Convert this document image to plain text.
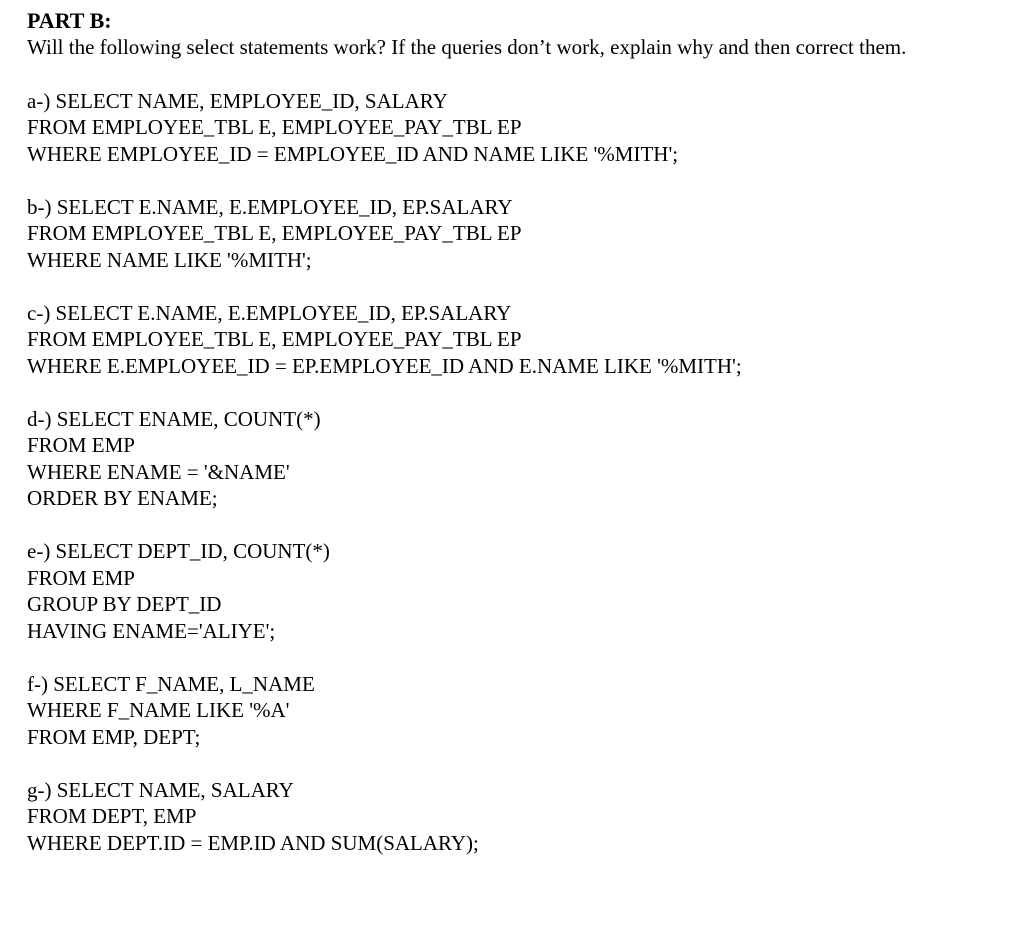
PART B:

Will the following select statements work? If the queries don’t work, explain why and then correct them.

a-) SELECT NAME, EMPLOYEE_ID, SALARY
FROM EMPLOYEE_TBL E, EMPLOYEE_PAY_TBL EP
WHERE EMPLOYEE_ID = EMPLOYEE_ID AND NAME LIKE '%MITH';
b-) SELECT E.NAME, E.EMPLOYEE_ID, EP.SALARY
FROM EMPLOYEE_TBL E, EMPLOYEE_PAY_TBL EP
WHERE NAME LIKE '%MITH';
c-) SELECT E.NAME, E.EMPLOYEE_ID, EP.SALARY
FROM EMPLOYEE_TBL E, EMPLOYEE_PAY_TBL EP
WHERE E.EMPLOYEE_ID = EP.EMPLOYEE_ID AND E.NAME LIKE '%MITH';
d-) SELECT ENAME, COUNT(*)
FROM EMP
WHERE ENAME = '&NAME'
ORDER BY ENAME;
e-) SELECT DEPT_ID, COUNT(*)
FROM EMP
GROUP BY DEPT_ID
HAVING ENAME='ALIYE';
f-) SELECT F_NAME, L_NAME
WHERE F_NAME LIKE '%A'
FROM EMP, DEPT;
g-) SELECT NAME, SALARY
FROM DEPT, EMP
WHERE DEPT.ID = EMP.ID AND SUM(SALARY);
